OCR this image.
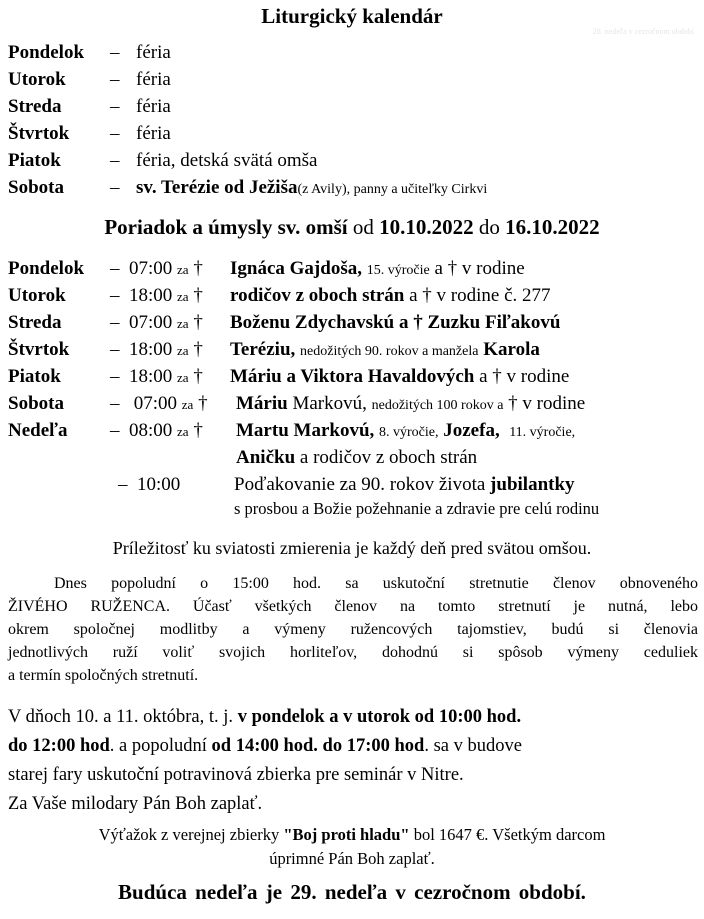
Liturgický kalendár
28. nedeľa v cezročnom období
Pondelok – féria
Utorok – féria
Streda	– féria
Štvrtok – féria
Piatok	– féria, detská svätá omša
Sobota – sv. Terézie od Ježiša(z Avily), panny a učiteľky Cirkvi
Poriadok a úmysly sv. omší od 10.10.2022 do 16.10.2022
Pondelok – 07:00 za † Ignáca Gajdoša, 15. výročie a † v rodine
Utorok – 18:00 za † rodičov z oboch strán a † v rodine č. 277
Streda	– 07:00 za † Boženu Zdychavskú a † Zuzku Fiľakovú
Štvrtok – 18:00 za † Teréziu, nedožitých 90. rokov a manžela Karola
Piatok	– 18:00 za † Máriu a Viktora Havaldových a † v rodine
Sobota – 07:00 za † Máriu Markovú, nedožitých 100 rokov a † v rodine
Nedeľa – 08:00 za † Martu Markovú, 8. výročie, Jozefa, 11. výročie,
Aničku a rodičov z oboch strán
– 10:00	Poďakovanie za 90. rokov života jubilantky
s prosbou a Božie požehnanie a zdravie pre celú rodinu
Príležitosť ku sviatosti zmierenia je každý deň pred svätou omšou.
Dnes popoludní o 15:00 hod. sa uskutoční stretnutie členov obnoveného
ŽIVÉHO RUŽENCA. Účasť všetkých členov na tomto stretnutí je nutná, lebo
okrem spoločnej modlitby a výmeny ružencových tajomstiev, budú si členovia
jednotlivých ruží voliť svojich horliteľov, dohodnú si spôsob výmeny ceduliek
a termín spoločných stretnutí.
V dňoch 10. a 11. októbra, t. j. v pondelok a v utorok od 10:00 hod.
do 12:00 hod. a popoludní od 14:00 hod. do 17:00 hod. sa v budove
starej fary uskutoční potravinová zbierka pre seminár v Nitre.
Za Vaše milodary Pán Boh zaplať.
Výťažok z verejnej zbierky "Boj proti hladu" bol 1647 €. Všetkým darcom
úprimné Pán Boh zaplať.
Budúca nedeľa je 29. nedeľa v cezročnom období.
